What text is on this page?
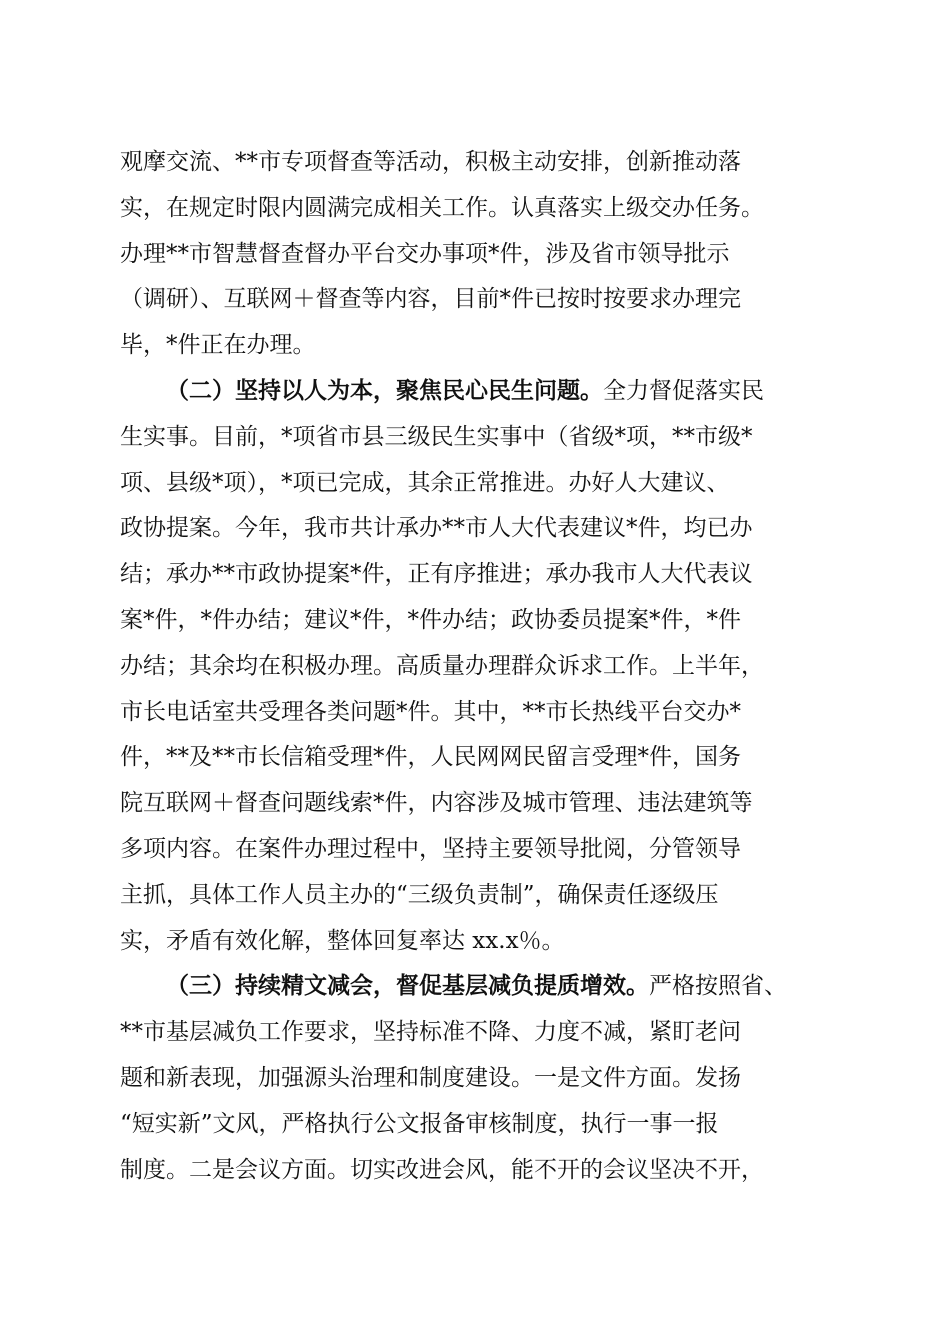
观摩交流、**市专项督查等活动，积极主动安排，创新推动落
实，在规定时限内圆满完成相关工作。认真落实上级交办任务。
办理**市智慧督查督办平台交办事项*件，涉及省市领导批示
（调研）、互联网＋督查等内容，目前*件已按时按要求办理完
毕，*件正在办理。
（二）坚持以人为本，聚焦民心民生问题。全力督促落实民
生实事。目前，*项省市县三级民生实事中（省级*项，**市级*
项、县级*项），*项已完成，其余正常推进。办好人大建议、
政协提案。今年，我市共计承办**市人大代表建议*件，均已办
结；承办**市政协提案*件，正有序推进；承办我市人大代表议
案*件，*件办结；建议*件，*件办结；政协委员提案*件，*件
办结；其余均在积极办理。高质量办理群众诉求工作。上半年，
市长电话室共受理各类问题*件。其中，**市长热线平台交办*
件，**及**市长信箱受理*件，人民网网民留言受理*件，国务
院互联网＋督查问题线索*件，内容涉及城市管理、违法建筑等
多项内容。在案件办理过程中，坚持主要领导批阅，分管领导
主抓，具体工作人员主办的“三级负责制”，确保责任逐级压
实，矛盾有效化解，整体回复率达 xx.x％。
（三）持续精文减会，督促基层减负提质增效。严格按照省、
**市基层减负工作要求，坚持标准不降、力度不减，紧盯老问
题和新表现，加强源头治理和制度建设。一是文件方面。发扬
“短实新”文风，严格执行公文报备审核制度，执行一事一报
制度。二是会议方面。切实改进会风，能不开的会议坚决不开，
